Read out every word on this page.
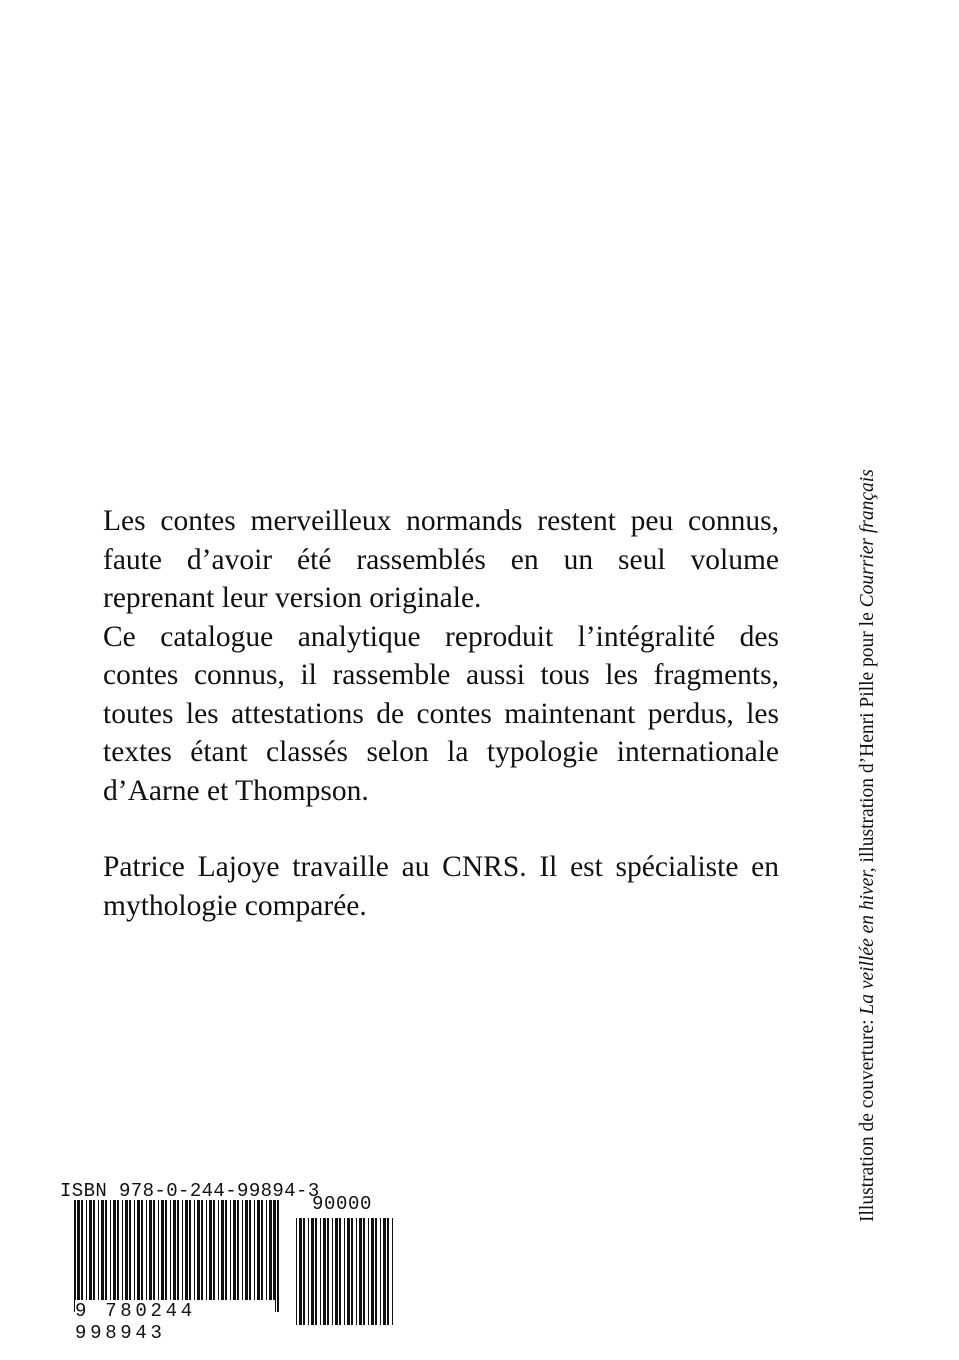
Les contes merveilleux normands restent peu connus,

faute d’avoir été rassemblés en un seul volume

reprenant leur version originale.

Ce catalogue analytique reproduit l’intégralité des

contes connus, il rassemble aussi tous les fragments,

toutes les attestations de contes maintenant perdus, les

textes étant classés selon la typologie internationale

d’Aarne et Thompson.

Patrice Lajoye travaille au CNRS. Il est spécialiste en

mythologie comparée.

Illustration de couverture: La veillée en hiver, illustration d’Henri Pille pour le Courrier français
ISBN 978-0-244-99894-3
90000
9 780244 998943
